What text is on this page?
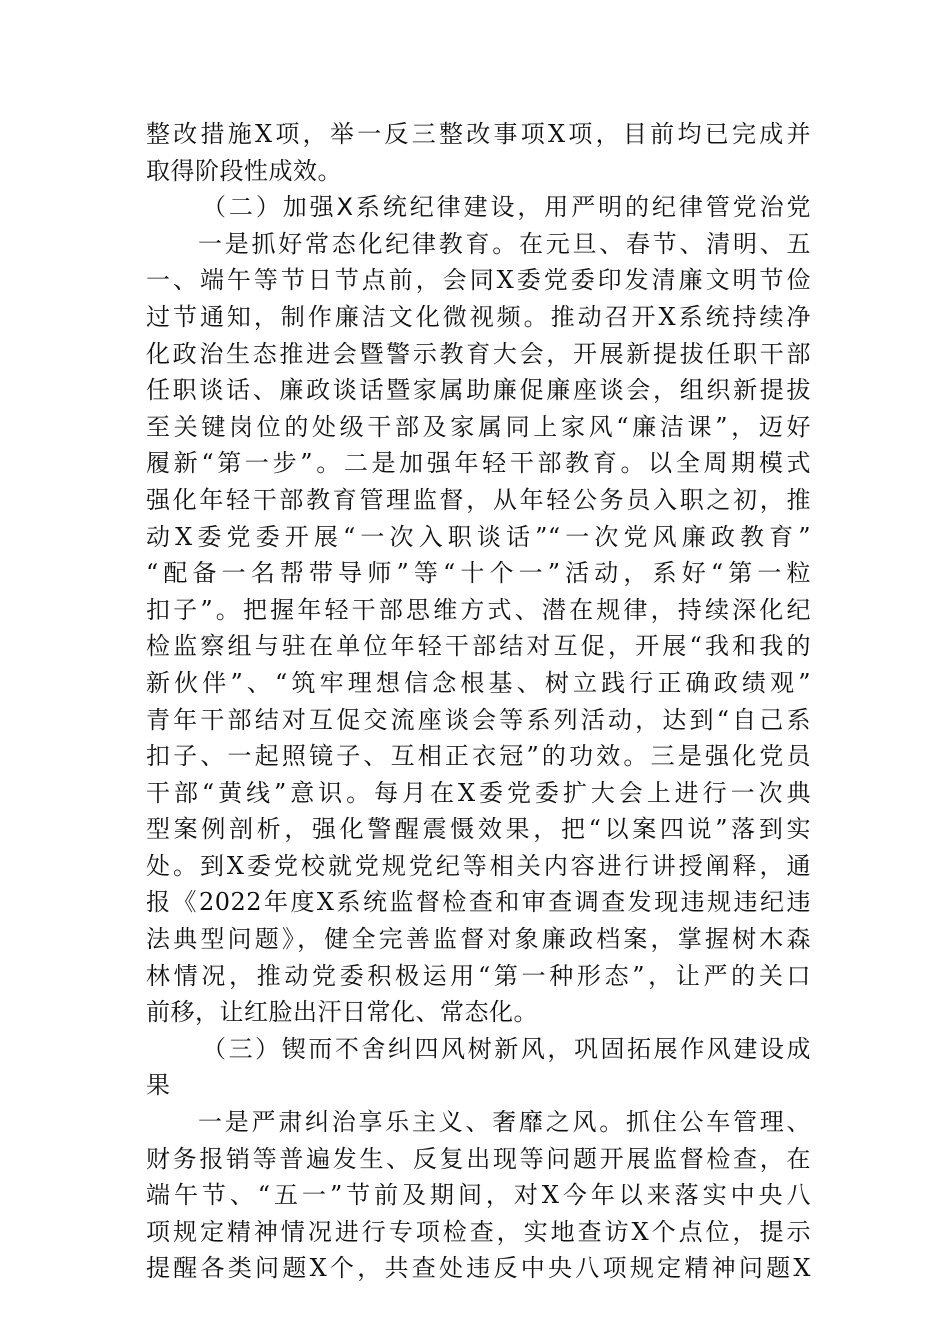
整改措施X项，举一反三整改事项X项，目前均已完成并
取得阶段性成效。
（二）加强X系统纪律建设，用严明的纪律管党治党
一是抓好常态化纪律教育。在元旦、春节、清明、五
一、端午等节日节点前，会同X委党委印发清廉文明节俭
过节通知，制作廉洁文化微视频。推动召开X系统持续净
化政治生态推进会暨警示教育大会，开展新提拔任职干部
任职谈话、廉政谈话暨家属助廉促廉座谈会，组织新提拔
至关键岗位的处级干部及家属同上家风“廉洁课”，迈好
履新“第一步”。二是加强年轻干部教育。以全周期模式
强化年轻干部教育管理监督，从年轻公务员入职之初，推
动X委党委开展“一次入职谈话”“一次党风廉政教育”
“配备一名帮带导师”等“十个一”活动，系好“第一粒
扣子”。把握年轻干部思维方式、潜在规律，持续深化纪
检监察组与驻在单位年轻干部结对互促，开展“我和我的
新伙伴”、“筑牢理想信念根基、树立践行正确政绩观”
青年干部结对互促交流座谈会等系列活动，达到“自己系
扣子、一起照镜子、互相正衣冠”的功效。三是强化党员
干部“黄线”意识。每月在X委党委扩大会上进行一次典
型案例剖析，强化警醒震慑效果，把“以案四说”落到实
处。到X委党校就党规党纪等相关内容进行讲授阐释，通
报《2022年度X系统监督检查和审查调查发现违规违纪违
法典型问题》，健全完善监督对象廉政档案，掌握树木森
林情况，推动党委积极运用“第一种形态”，让严的关口
前移，让红脸出汗日常化、常态化。
（三）锲而不舍纠四风树新风，巩固拓展作风建设成
果
一是严肃纠治享乐主义、奢靡之风。抓住公车管理、
财务报销等普遍发生、反复出现等问题开展监督检查，在
端午节、“五一”节前及期间，对X今年以来落实中央八
项规定精神情况进行专项检查，实地查访X个点位，提示
提醒各类问题X个，共查处违反中央八项规定精神问题X
